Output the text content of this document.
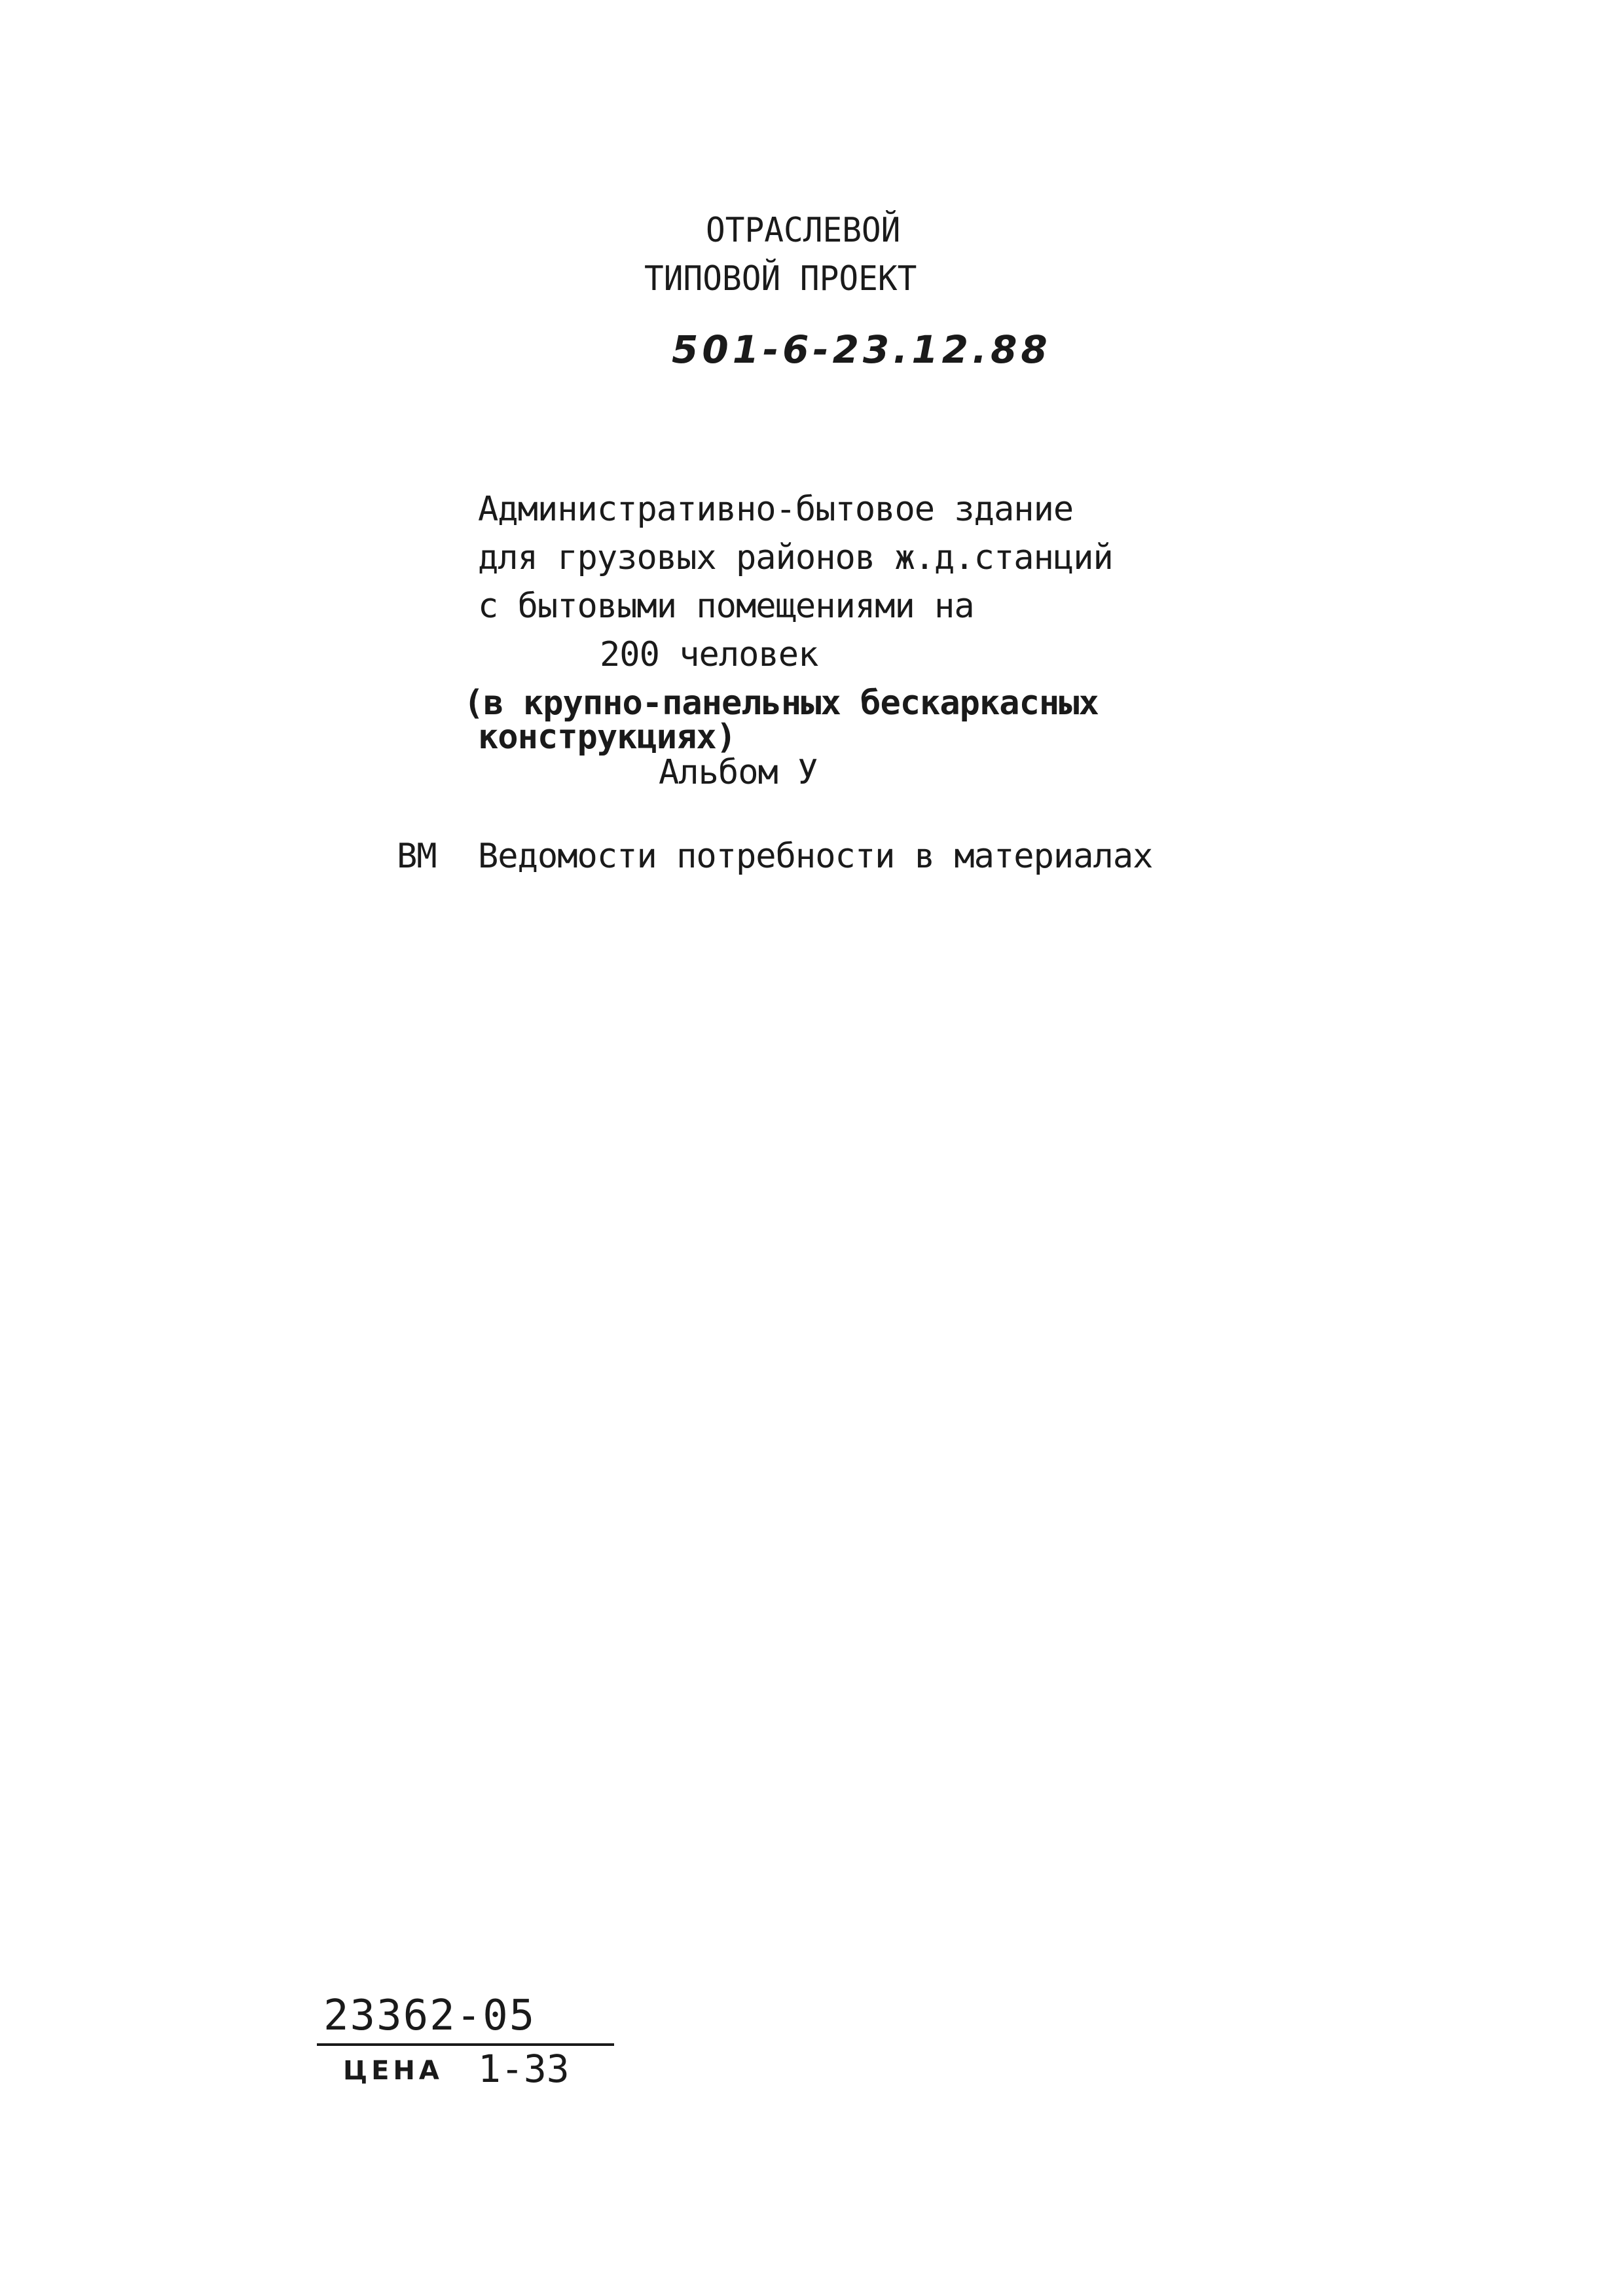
ОТРАСЛЕВОЙ
ТИПОВОЙ ПРОЕКТ
501-6-23.12.88
Административно-бытовое здание
для грузовых районов ж.д.станций
с бытовыми помещениями на
200 человек
(в крупно-панельных бескаркасных
конструкциях)
Альбом У
ВМ Ведомости потребности в материалах
23362-05
ЦЕНА 1-33
